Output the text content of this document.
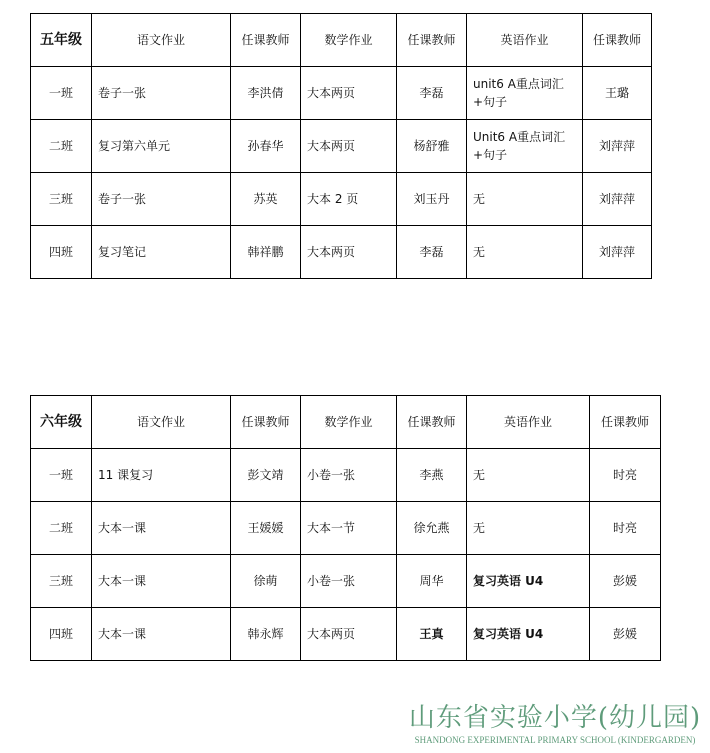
五年级	语文作业	任课教师	数学作业	任课教师	英语作业	任课教师
一班	卷子一张	李洪倩	大本两页	李磊	unit6 A重点词汇+句子	王璐
二班	复习第六单元	孙春华	大本两页	杨舒雅	Unit6 A重点词汇+句子	刘萍萍
三班	卷子一张	苏英	大本 2 页	刘玉丹	无	刘萍萍
四班	复习笔记	韩祥鹏	大本两页	李磊	无	刘萍萍
六年级	语文作业	任课教师	数学作业	任课教师	英语作业	任课教师
一班	11 课复习	彭文靖	小卷一张	李燕	无	时亮
二班	大本一课	王媛媛	大本一节	徐允燕	无	时亮
三班	大本一课	徐萌	小卷一张	周华	复习英语 U4	彭媛
四班	大本一课	韩永辉	大本两页	王真	复习英语 U4	彭媛
山东省实验小学(幼儿园)
SHANDONG EXPERIMENTAL PRIMARY SCHOOL (KINDERGARDEN)
